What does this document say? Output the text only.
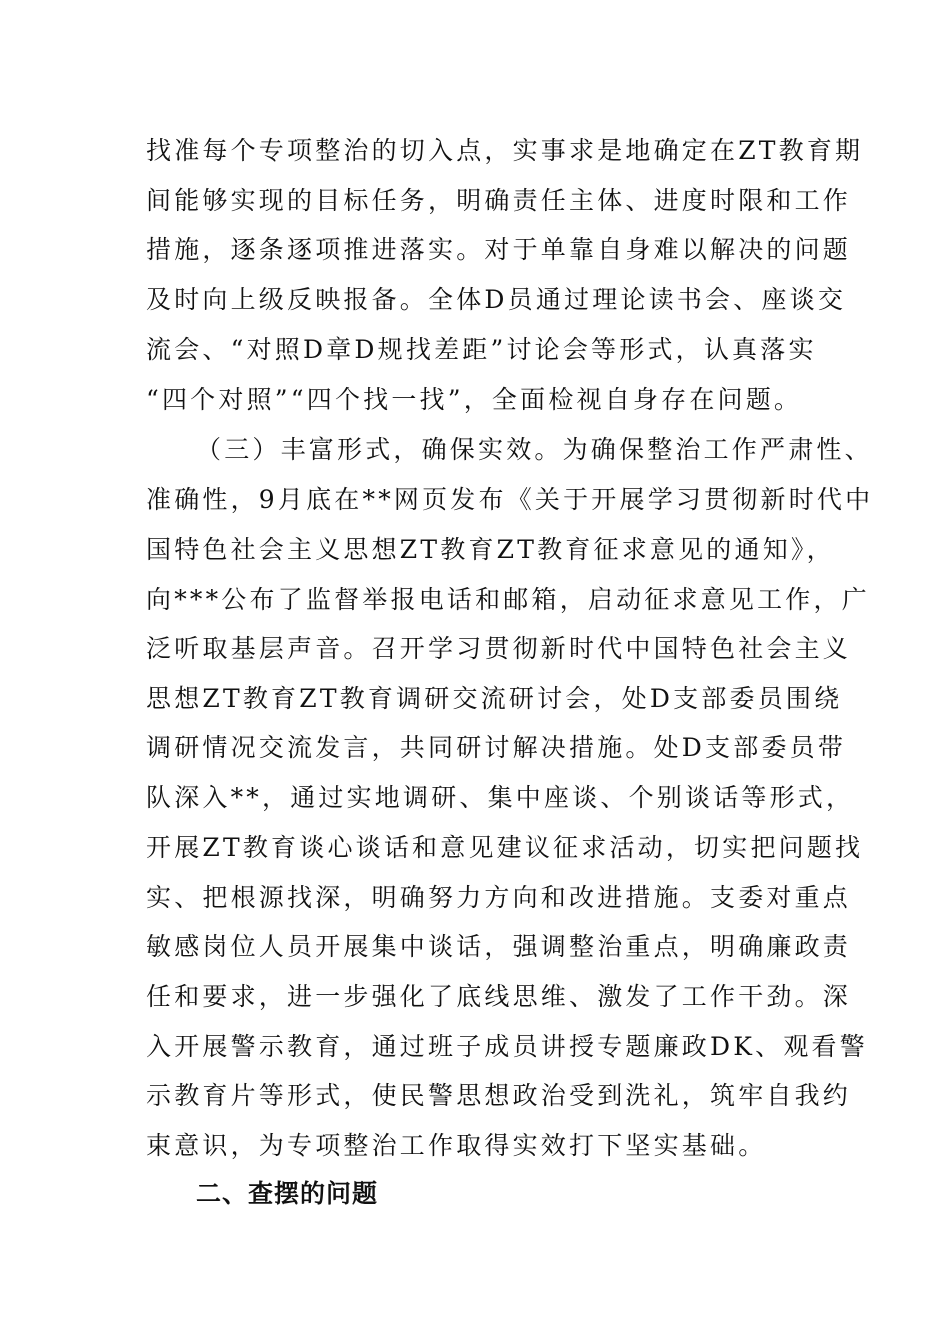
找准每个专项整治的切入点，实事求是地确定在ZT教育期
间能够实现的目标任务，明确责任主体、进度时限和工作
措施，逐条逐项推进落实。对于单靠自身难以解决的问题
及时向上级反映报备。全体D员通过理论读书会、座谈交
流会、“对照D章D规找差距”讨论会等形式，认真落实
“四个对照”“四个找一找”，全面检视自身存在问题。
（三）丰富形式，确保实效。为确保整治工作严肃性、
准确性，9月底在**网页发布《关于开展学习贯彻新时代中
国特色社会主义思想ZT教育ZT教育征求意见的通知》，
向***公布了监督举报电话和邮箱，启动征求意见工作，广
泛听取基层声音。召开学习贯彻新时代中国特色社会主义
思想ZT教育ZT教育调研交流研讨会，处D支部委员围绕
调研情况交流发言，共同研讨解决措施。处D支部委员带
队深入**，通过实地调研、集中座谈、个别谈话等形式，
开展ZT教育谈心谈话和意见建议征求活动，切实把问题找
实、把根源找深，明确努力方向和改进措施。支委对重点
敏感岗位人员开展集中谈话，强调整治重点，明确廉政责
任和要求，进一步强化了底线思维、激发了工作干劲。深
入开展警示教育，通过班子成员讲授专题廉政DK、观看警
示教育片等形式，使民警思想政治受到洗礼，筑牢自我约
束意识，为专项整治工作取得实效打下坚实基础。
二、查摆的问题
